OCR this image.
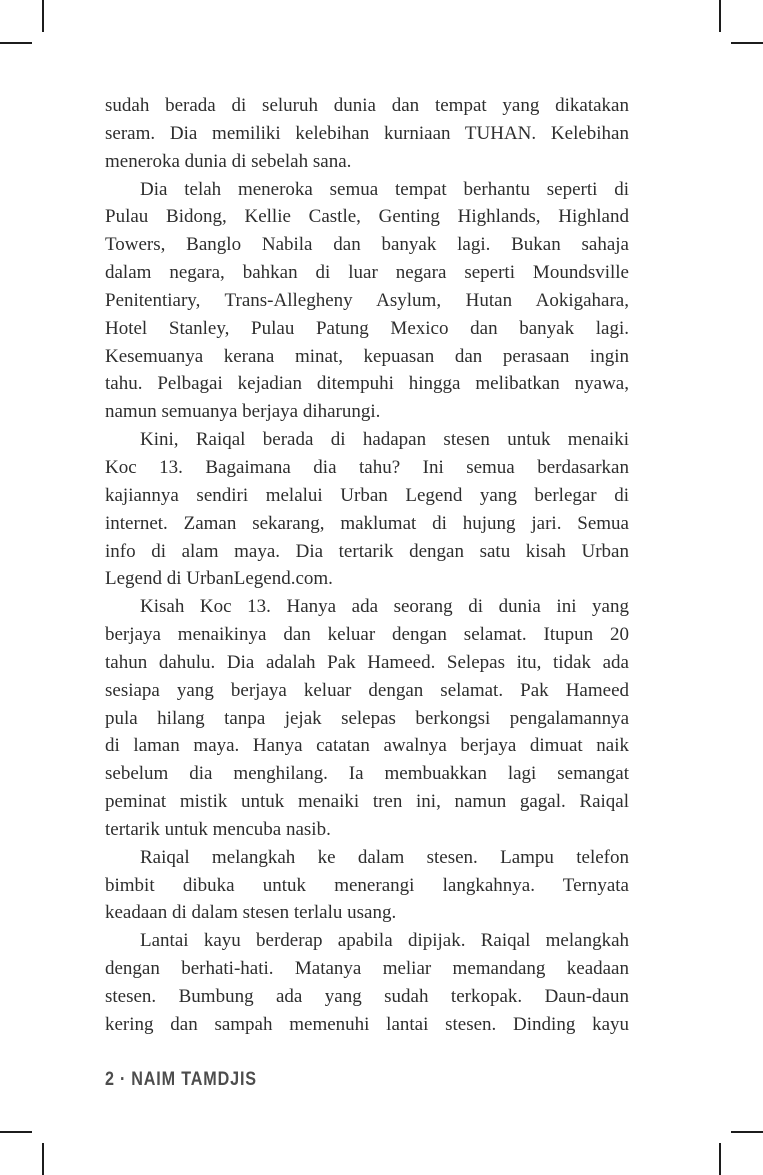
sudah berada di seluruh dunia dan tempat yang dikatakan
seram. Dia memiliki kelebihan kurniaan TUHAN. Kelebihan
meneroka dunia di sebelah sana.
Dia telah meneroka semua tempat berhantu seperti di
Pulau Bidong, Kellie Castle, Genting Highlands, Highland
Towers, Banglo Nabila dan banyak lagi. Bukan sahaja
dalam negara, bahkan di luar negara seperti Moundsville
Penitentiary, Trans-Allegheny Asylum, Hutan Aokigahara,
Hotel Stanley, Pulau Patung Mexico dan banyak lagi.
Kesemuanya kerana minat, kepuasan dan perasaan ingin
tahu. Pelbagai kejadian ditempuhi hingga melibatkan nyawa,
namun semuanya berjaya diharungi.
Kini, Raiqal berada di hadapan stesen untuk menaiki
Koc 13. Bagaimana dia tahu? Ini semua berdasarkan
kajiannya sendiri melalui Urban Legend yang berlegar di
internet. Zaman sekarang, maklumat di hujung jari. Semua
info di alam maya. Dia tertarik dengan satu kisah Urban
Legend di UrbanLegend.com.
Kisah Koc 13. Hanya ada seorang di dunia ini yang
berjaya menaikinya dan keluar dengan selamat. Itupun 20
tahun dahulu. Dia adalah Pak Hameed. Selepas itu, tidak ada
sesiapa yang berjaya keluar dengan selamat. Pak Hameed
pula hilang tanpa jejak selepas berkongsi pengalamannya
di laman maya. Hanya catatan awalnya berjaya dimuat naik
sebelum dia menghilang. Ia membuakkan lagi semangat
peminat mistik untuk menaiki tren ini, namun gagal. Raiqal
tertarik untuk mencuba nasib.
Raiqal melangkah ke dalam stesen. Lampu telefon
bimbit dibuka untuk menerangi langkahnya. Ternyata
keadaan di dalam stesen terlalu usang.
Lantai kayu berderap apabila dipijak. Raiqal melangkah
dengan berhati-hati. Matanya meliar memandang keadaan
stesen. Bumbung ada yang sudah terkopak. Daun-daun
kering dan sampah memenuhi lantai stesen. Dinding kayu
2 · NAIM TAMDJIS
